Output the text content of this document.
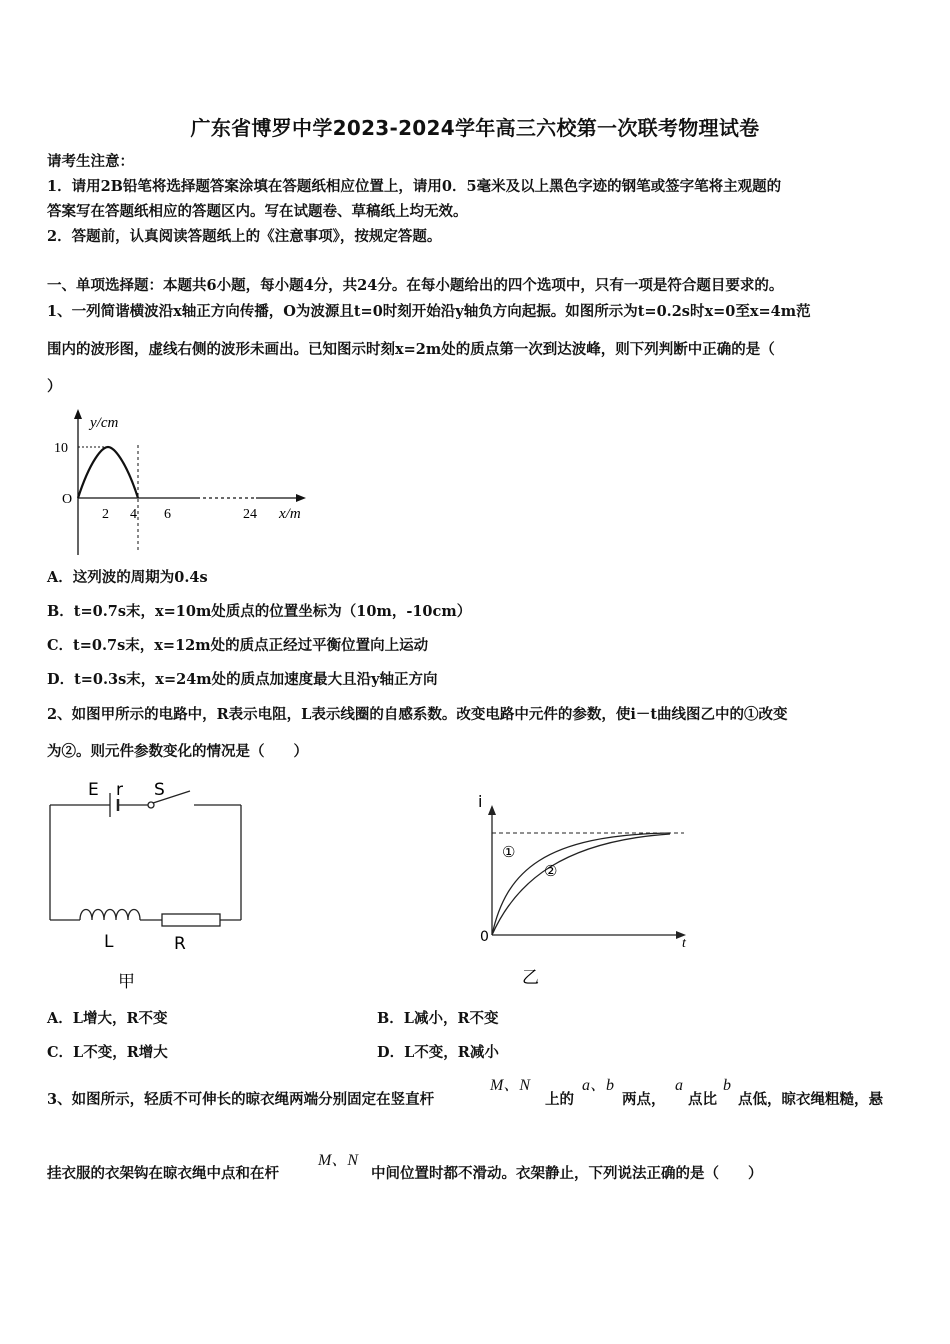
广东省博罗中学2023-2024学年高三六校第一次联考物理试卷
请考生注意：
1．请用2B铅笔将选择题答案涂填在答题纸相应位置上，请用0．5毫米及以上黑色字迹的钢笔或签字笔将主观题的
答案写在答题纸相应的答题区内。写在试题卷、草稿纸上均无效。
2．答题前，认真阅读答题纸上的《注意事项》，按规定答题。
一、单项选择题：本题共6小题，每小题4分，共24分。在每小题给出的四个选项中，只有一项是符合题目要求的。
1、一列简谐横波沿x轴正方向传播，O为波源且t=0时刻开始沿y轴负方向起振。如图所示为t=0.2s时x=0至x=4m范
围内的波形图，虚线右侧的波形未画出。已知图示时刻x=2m处的质点第一次到达波峰，则下列判断中正确的是（
）
y/cm
10
O
2 4 6	24 x/m
A．这列波的周期为0.4s
B．t=0.7s末，x=10m处质点的位置坐标为（10m，-10cm）
C．t=0.7s末，x=12m处的质点正经过平衡位置向上运动
D．t=0.3s末，x=24m处的质点加速度最大且沿y轴正方向
2、如图甲所示的电路中，R表示电阻，L表示线圈的自感系数。改变电路中元件的参数，使i－t曲线图乙中的①改变
为②。则元件参数变化的情况是（　　）
E r S
L	R
甲
i
t
0
①
②
乙
A．L增大，R不变	B．L减小，R不变
C．L不变，R增大	D．L不变，R减小
3、如图所示，轻质不可伸长的晾衣绳两端分别固定在竖直杆
M、N
上的
a、b
两点，
a
点比
b
点低，晾衣绳粗糙，悬
挂衣服的衣架钩在晾衣绳中点和在杆
M、N
中间位置时都不滑动。衣架静止，下列说法正确的是（　　）
